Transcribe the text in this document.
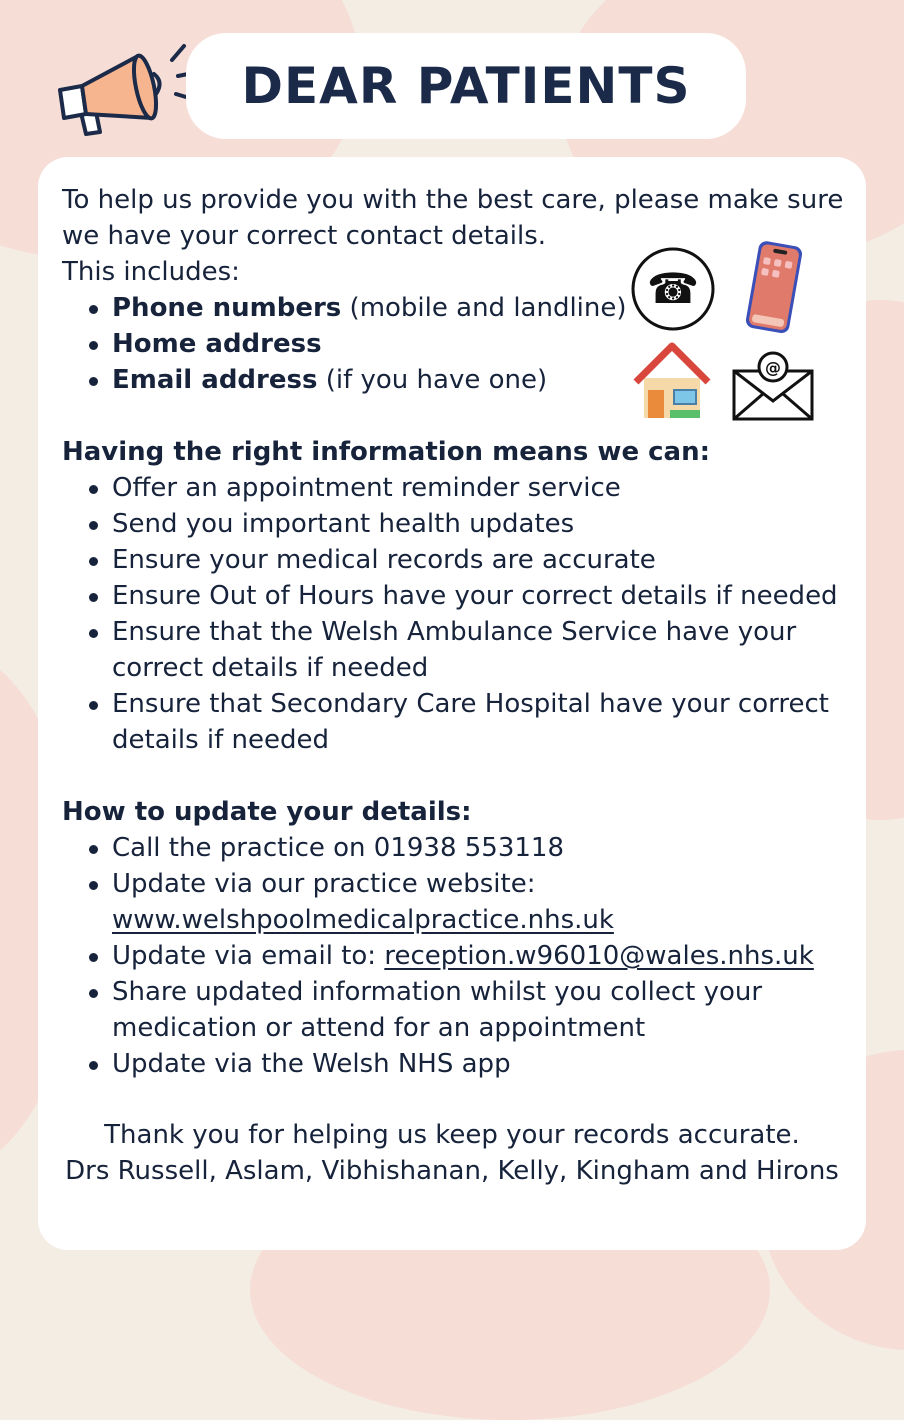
DEAR PATIENTS
☎
@

To help us provide you with the best care, please make sure we have your correct contact details.

This includes:

Phone numbers (mobile and landline)
Home address
Email address (if you have one)

Having the right information means we can:

Offer an appointment reminder service
Send you important health updates
Ensure your medical records are accurate
Ensure Out of Hours have your correct details if needed
Ensure that the Welsh Ambulance Service have your correct details if needed
Ensure that Secondary Care Hospital have your correct details if needed

How to update your details:

Call the practice on 01938 553118
Update via our practice website:
www.welshpoolmedicalpractice.nhs.uk
Update via email to: reception.w96010@wales.nhs.uk
Share updated information whilst you collect your medication or attend for an appointment
Update via the Welsh NHS app
Thank you for helping us keep your records accurate.
Drs Russell, Aslam, Vibhishanan, Kelly, Kingham and Hirons
